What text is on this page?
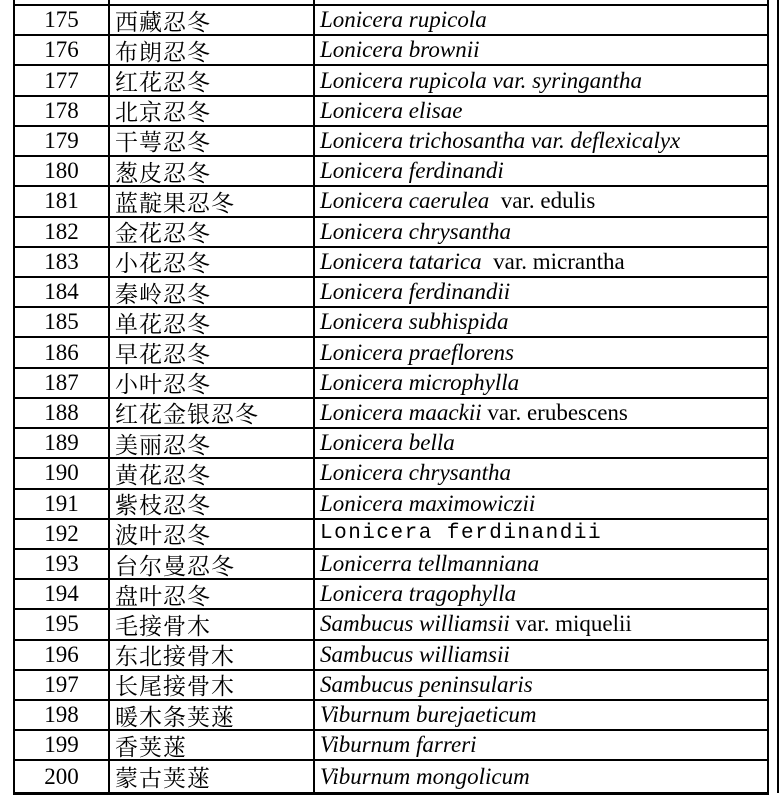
175	西藏忍冬	Lonicera rupicola
176	布朗忍冬	Lonicera brownii
177	红花忍冬	Lonicera rupicola var. syringantha
178	北京忍冬	Lonicera elisae
179	干萼忍冬	Lonicera trichosantha var. deflexicalyx
180	葱皮忍冬	Lonicera ferdinandi
181	蓝靛果忍冬	Lonicera caerulea var. edulis
182	金花忍冬	Lonicera chrysantha
183	小花忍冬	Lonicera tatarica var. micrantha
184	秦岭忍冬	Lonicera ferdinandii
185	单花忍冬	Lonicera subhispida
186	早花忍冬	Lonicera praeflorens
187	小叶忍冬	Lonicera microphylla
188	红花金银忍冬	Lonicera maackii var. erubescens
189	美丽忍冬	Lonicera bella
190	黄花忍冬	Lonicera chrysantha
191	紫枝忍冬	Lonicera maximowiczii
192	波叶忍冬	Lonicera ferdinandii
193	台尔曼忍冬	Lonicerra tellmanniana
194	盘叶忍冬	Lonicera tragophylla
195	毛接骨木	Sambucus williamsii var. miquelii
196	东北接骨木	Sambucus williamsii
197	长尾接骨木	Sambucus peninsularis
198	暖木条荚蒾	Viburnum burejaeticum
199	香荚蒾	Viburnum farreri
200	蒙古荚蒾	Viburnum mongolicum
